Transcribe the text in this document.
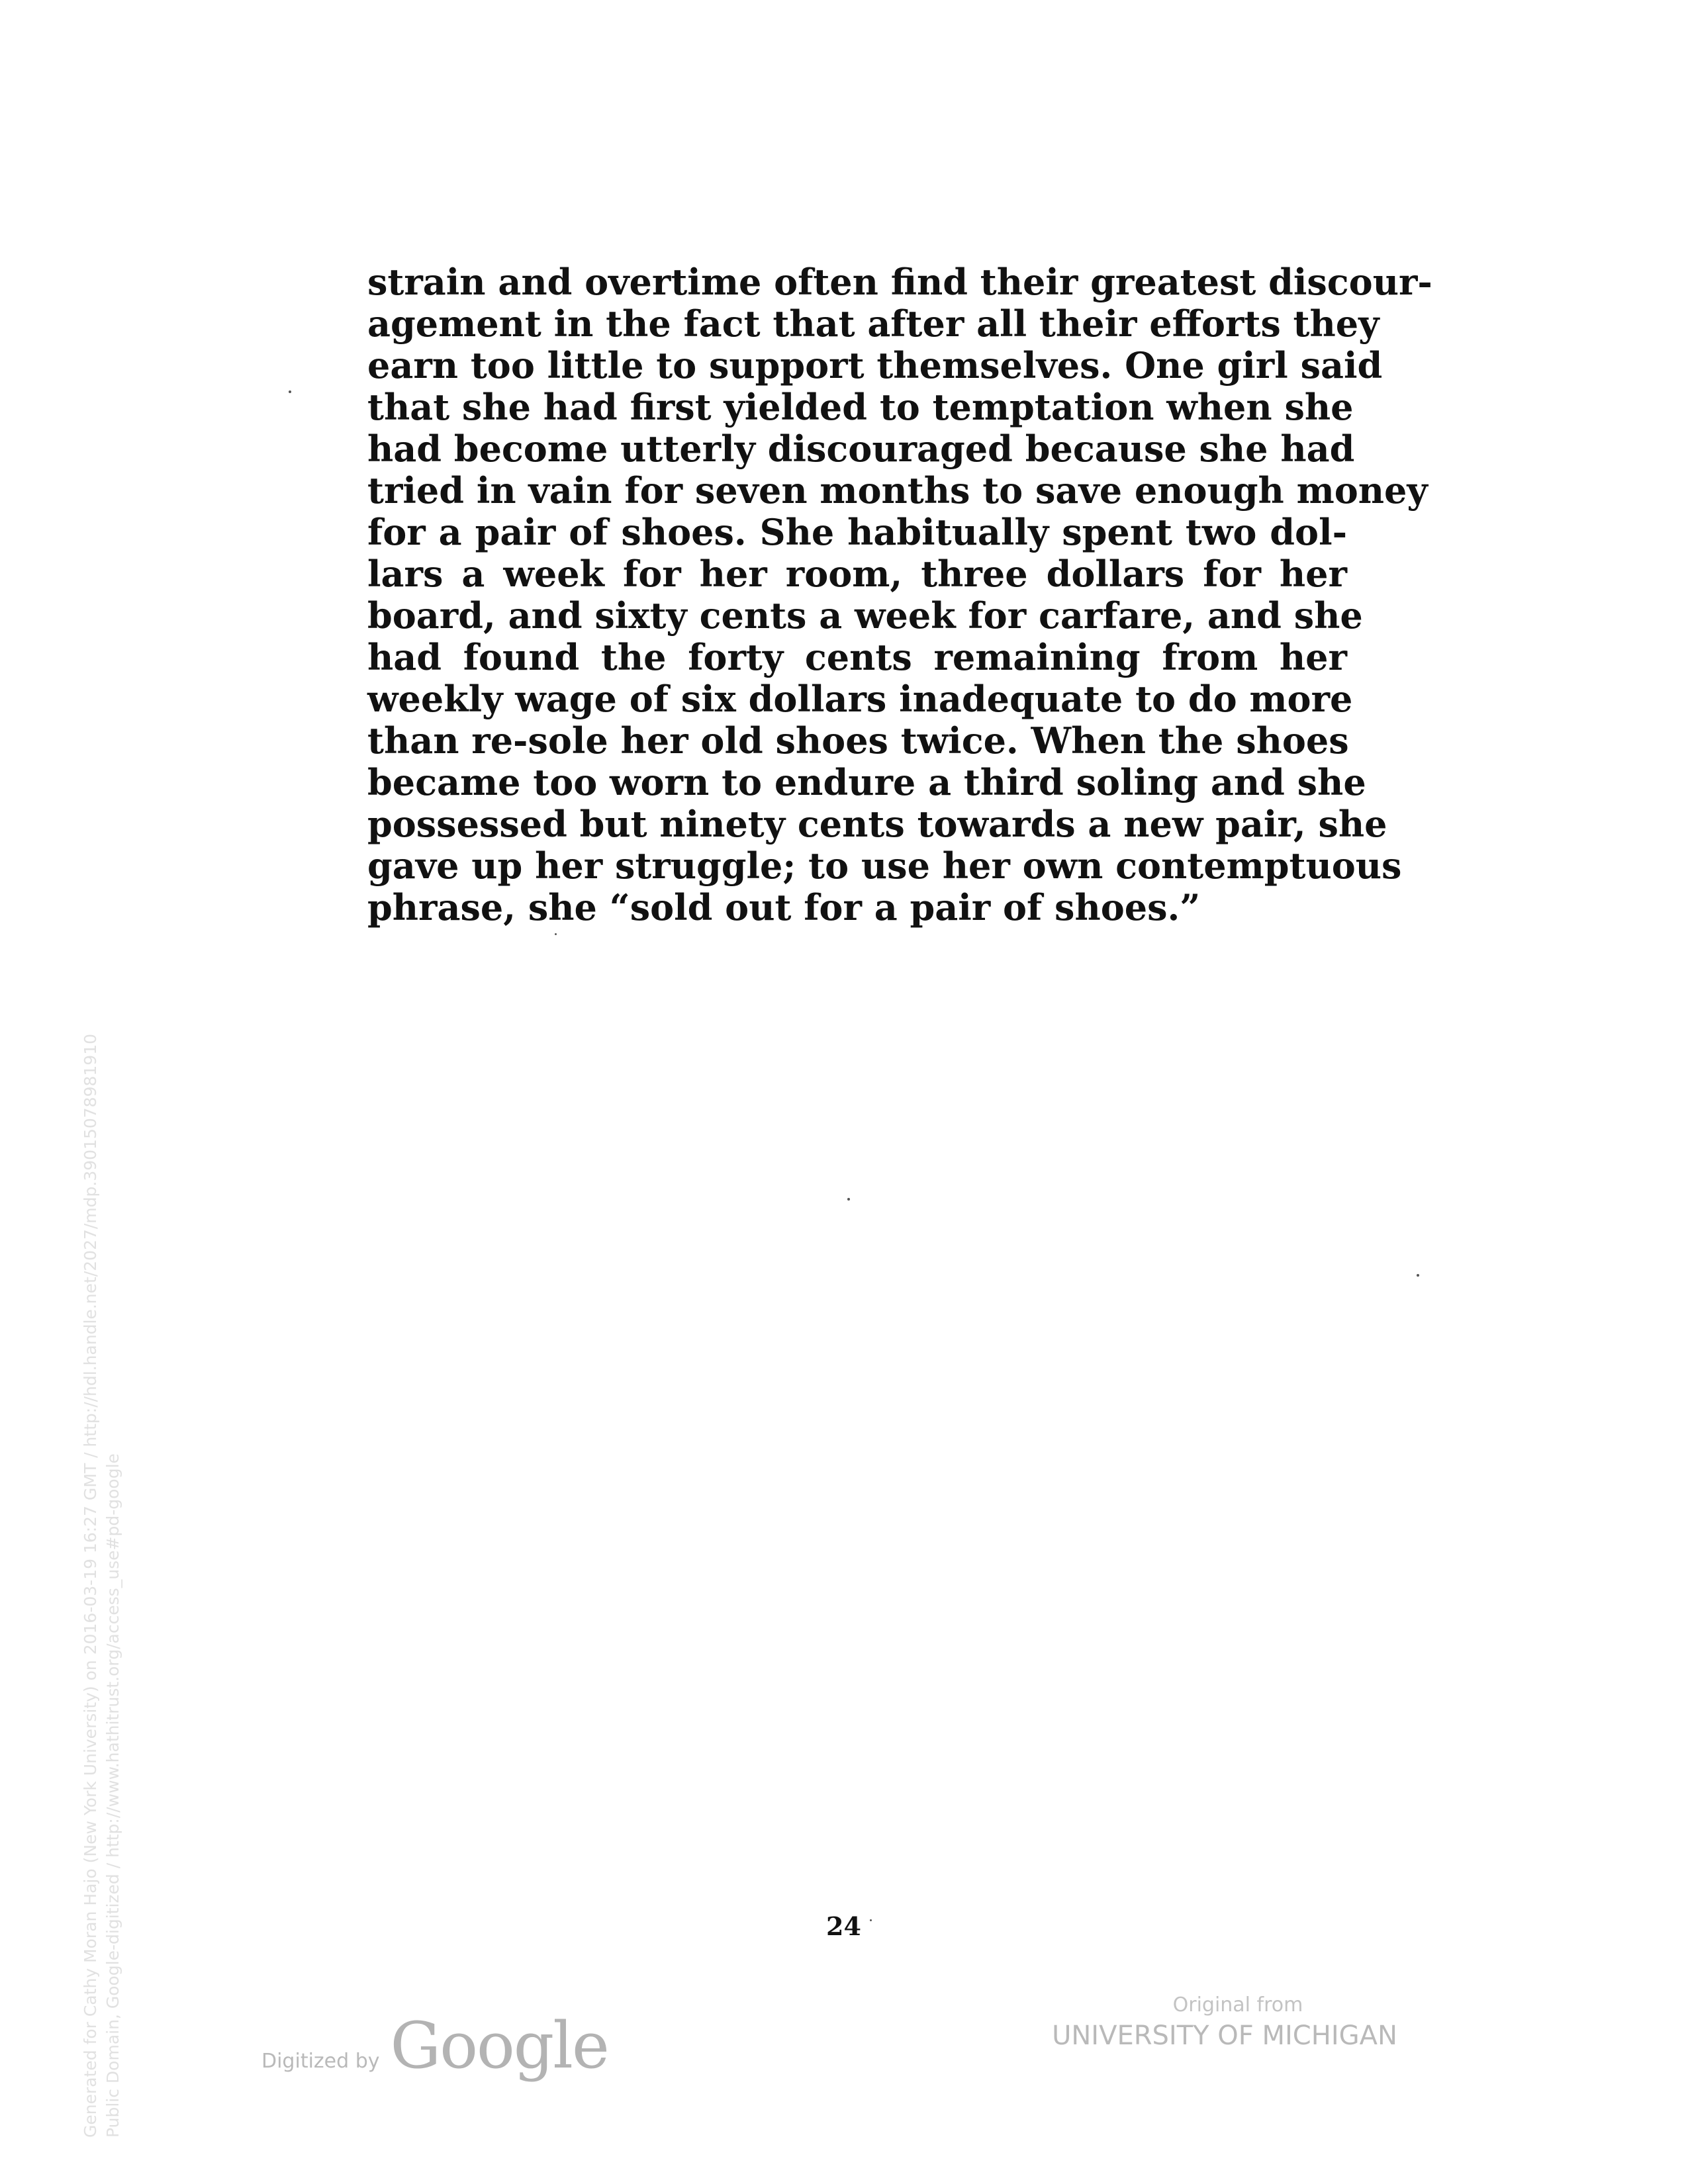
strain and overtime often find their greatest discour-
agement in the fact that after all their efforts they
earn too little to support themselves. One girl said
that she had first yielded to temptation when she
had become utterly discouraged because she had
tried in vain for seven months to save enough money
for a pair of shoes. She habitually spent two dol-
lars a week for her room, three dollars for her
board, and sixty cents a week for carfare, and she
had found the forty cents remaining from her
weekly wage of six dollars inadequate to do more
than re-sole her old shoes twice. When the shoes
became too worn to endure a third soling and she
possessed but ninety cents towards a new pair, she
gave up her struggle; to use her own contemptuous
phrase, she “sold out for a pair of shoes.”
24
Digitized by Google
Original from
UNIVERSITY OF MICHIGAN
Generated for Cathy Moran Hajo (New York University) on 2016-03-19 16:27 GMT / http://hdl.handle.net/2027/mdp.39015078981910 Public Domain, Google-digitized / http://www.hathitrust.org/access_use#pd-google
